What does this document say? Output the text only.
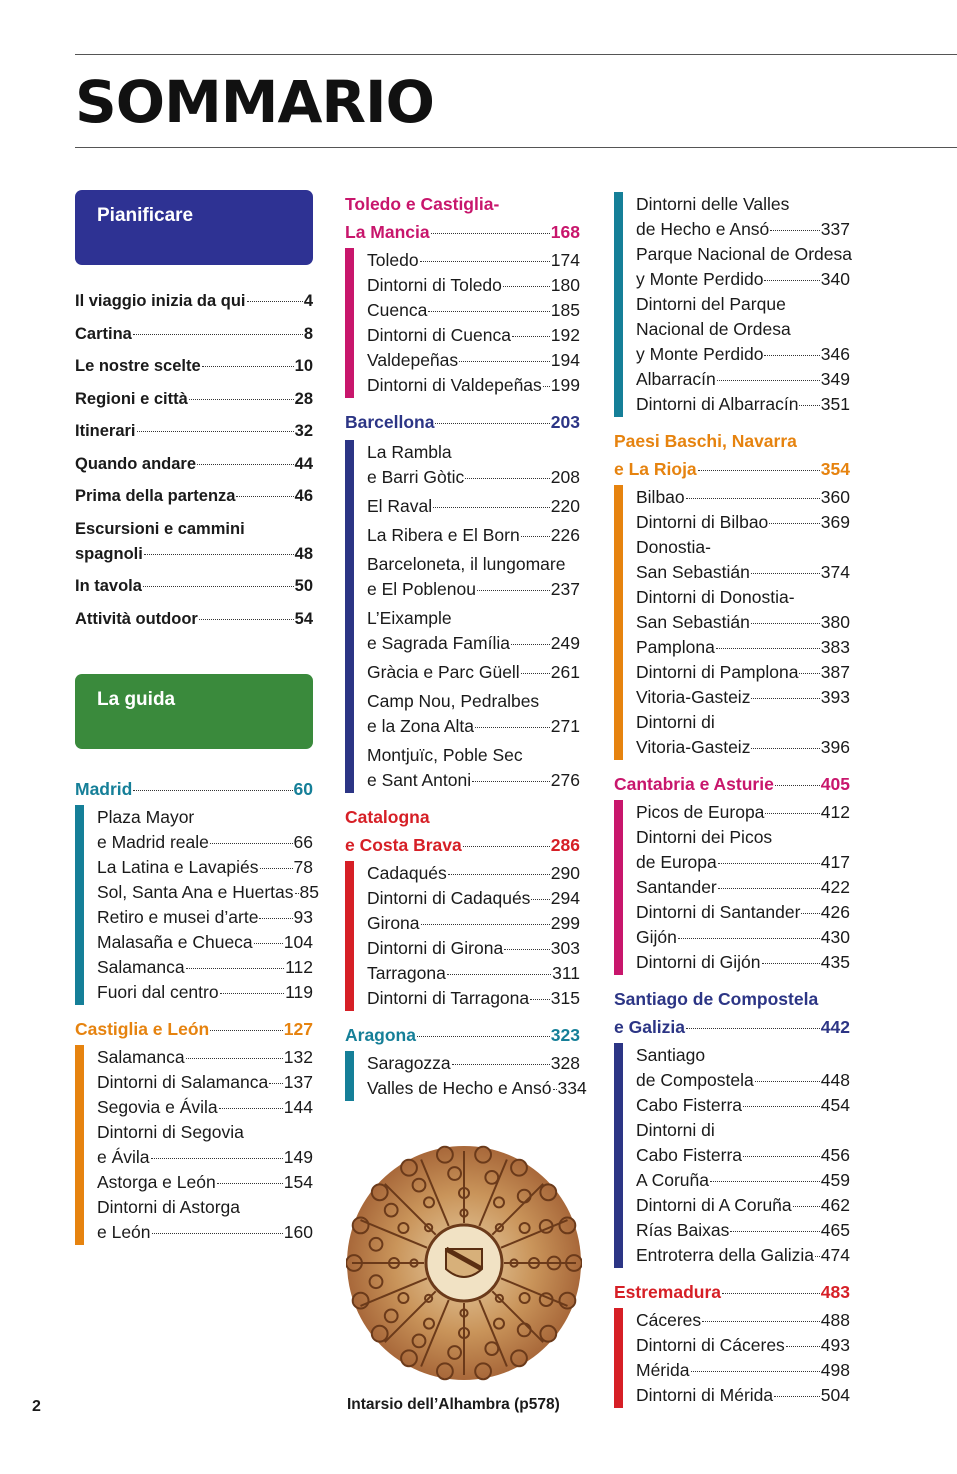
SOMMARIO
Pianificare
Il viaggio inizia da qui	4
Cartina	8
Le nostre scelte	10
Regioni e città	28
Itinerari	32
Quando andare	44
Prima della partenza	46
Escursioni e cammini
spagnoli	48
In tavola	50
Attività outdoor	54
La guida
Madrid	60
Plaza Mayor
e Madrid reale	66
La Latina e Lavapiés 78
Sol, Santa Ana e Huertas 85
Retiro e musei d’arte 93
Malasaña e Chueca 104
Salamanca	112
Fuori dal centro	119
Castiglia e León	127
Salamanca	132
Dintorni di Salamanca 137
Segovia e Ávila	144
Dintorni di Segovia
e Ávila	149
Astorga e León	154
Dintorni di Astorga
e León	160
Toledo e Castiglia-
La Mancia	168
Toledo	174
Dintorni di Toledo	180
Cuenca	185
Dintorni di Cuenca 192
Valdepeñas	194
Dintorni di Valdepeñas 199
Barcellona	203
La Rambla
e Barri Gòtic	208
El Raval	220
La Ribera e El Born 226
Barceloneta, il lungomare
e El Poblenou	237
L’Eixample
e Sagrada Família 249
Gràcia e Parc Güell 261
Camp Nou, Pedralbes
e la Zona Alta	271
Montjuïc, Poble Sec
e Sant Antoni	276
Catalogna
e Costa Brava	286
Cadaqués	290
Dintorni di Cadaqués 294
Girona	299
Dintorni di Girona	303
Tarragona	311
Dintorni di Tarragona 315
Aragona	323
Saragozza	328
Valles de Hecho e Ansó 334
Dintorni delle Valles
de Hecho e Ansó	337
Parque Nacional de Ordesa
y Monte Perdido	340
Dintorni del Parque
Nacional de Ordesa
y Monte Perdido	346
Albarracín	349
Dintorni di Albarracín 351
Paesi Baschi, Navarra
e La Rioja	354
Bilbao	360
Dintorni di Bilbao	369
Donostia-
San Sebastián	374
Dintorni di Donostia-
San Sebastián	380
Pamplona	383
Dintorni di Pamplona 387
Vitoria-Gasteiz	393
Dintorni di
Vitoria-Gasteiz	396
Cantabria e Asturie	405
Picos de Europa	412
Dintorni dei Picos
de Europa	417
Santander	422
Dintorni di Santander 426
Gijón	430
Dintorni di Gijón	435
Santiago de Compostela
e Galizia	442
Santiago
de Compostela	448
Cabo Fisterra	454
Dintorni di
Cabo Fisterra	456
A Coruña	459
Dintorni di A Coruña 462
Rías Baixas	465
Entroterra della Galizia 474
Estremadura	483
Cáceres	488
Dintorni di Cáceres 493
Mérida	498
Dintorni di Mérida	504
Intarsio dell’Alhambra (p578)
2
